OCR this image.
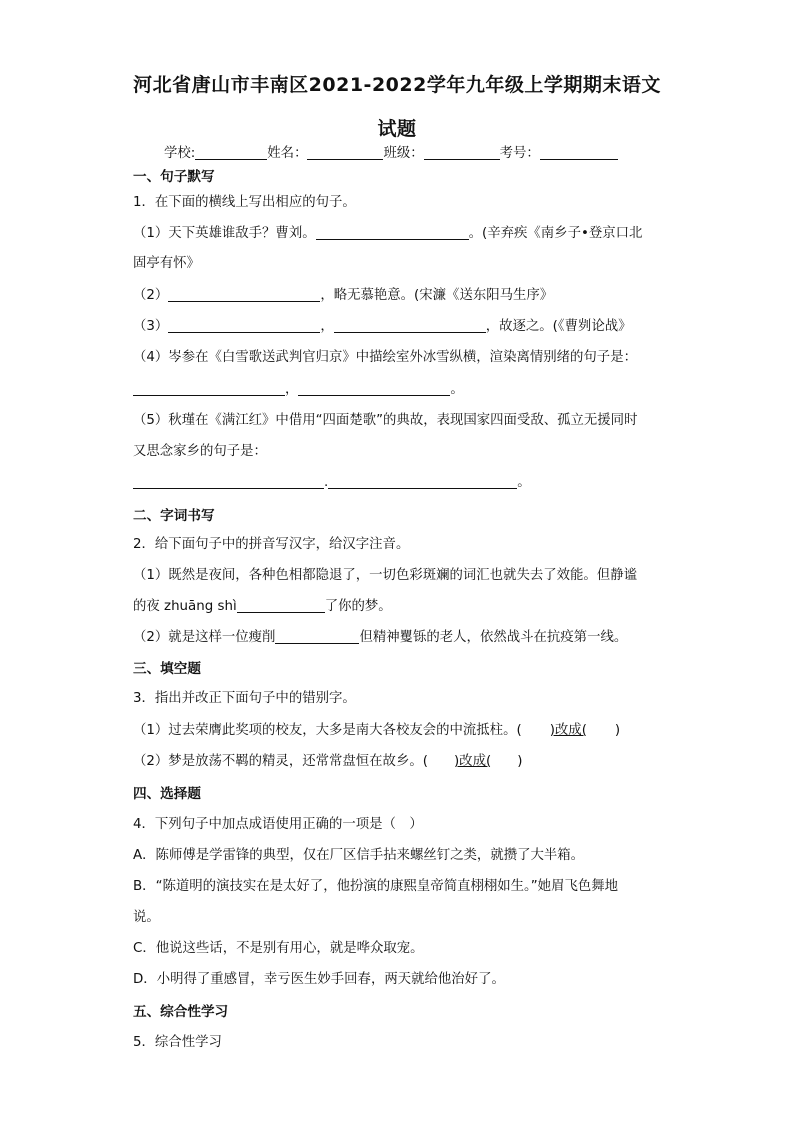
河北省唐山市丰南区2021-2022学年九年级上学期期末语文
试题
学校:	姓名：	班级：	考号：
一、句子默写
1．在下面的横线上写出相应的句子。
（1）天下英雄谁敌手？曹刘。	。(辛弃疾《南乡子•登京口北
固亭有怀》
（2）	，略无慕艳意。(宋濂《送东阳马生序》
（3）	，	，故逐之。(《曹刿论战》
（4）岑参在《白雪歌送武判官归京》中描绘室外冰雪纵横，渲染离情别绪的句子是：
，	。
（5）秋瑾在《满江红》中借用“四面楚歌”的典故，表现国家四面受敌、孤立无援同时
又思念家乡的句子是：
.	。
二、字词书写
2．给下面句子中的拼音写汉字，给汉字注音。
（1）既然是夜间，各种色相都隐退了，一切色彩斑斓的词汇也就失去了效能。但静谧
的夜 zhuāng shì	了你的梦。
（2）就是这样一位瘦削	但精神矍铄的老人，依然战斗在抗疫第一线。
三、填空题
3．指出并改正下面句子中的错别字。
（1）过去荣膺此奖项的校友，大多是南大各校友会的中流抵柱。( )改成( )
（2）梦是放荡不羁的精灵，还常常盘恒在故乡。( )改成( )
四、选择题
4．下列句子中加点成语使用正确的一项是（　）
A．陈师傅是学雷锋的典型，仅在厂区信手拈来螺丝钉之类，就攒了大半箱。
B．“陈道明的演技实在是太好了，他扮演的康熙皇帝简直栩栩如生。”她眉飞色舞地
说。
C．他说这些话，不是别有用心，就是哗众取宠。
D．小明得了重感冒，幸亏医生妙手回春，两天就给他治好了。
五、综合性学习
5．综合性学习
